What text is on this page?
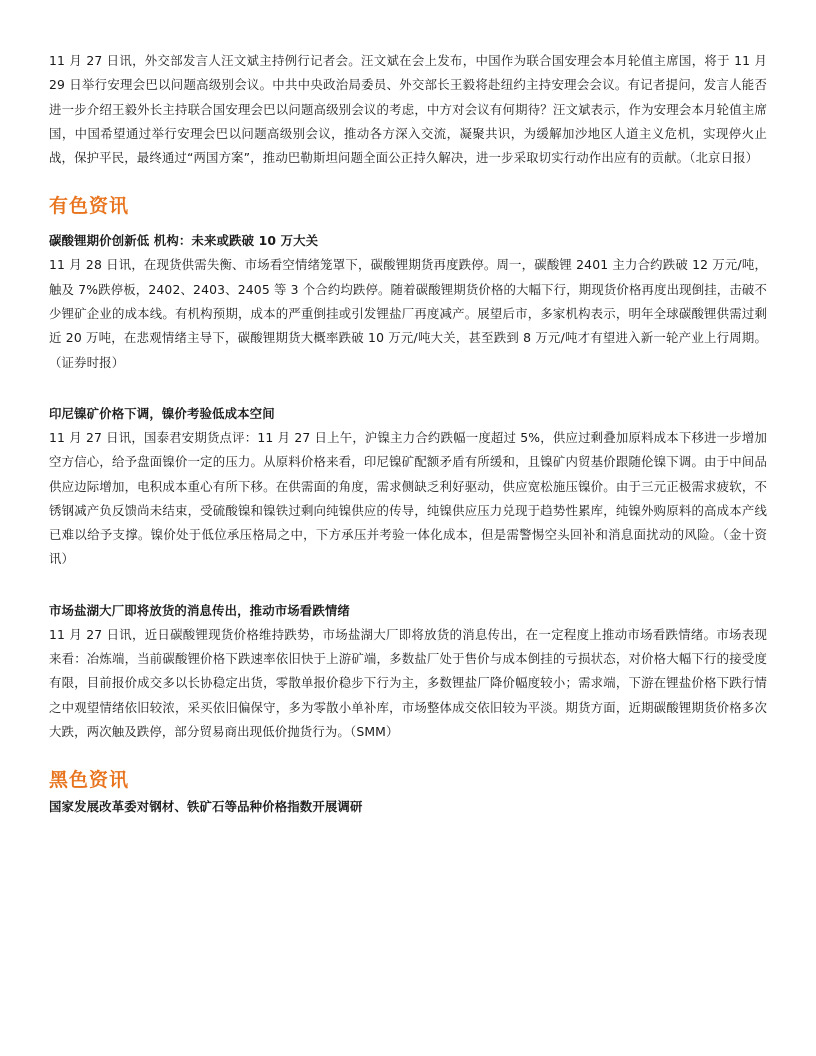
11 月 27 日讯，外交部发言人汪文斌主持例行记者会。汪文斌在会上发布，中国作为联合国安理会本月轮值主席国，将于 11 月 29 日举行安理会巴以问题高级别会议。中共中央政治局委员、外交部长王毅将赴纽约主持安理会会议。有记者提问，发言人能否进一步介绍王毅外长主持联合国安理会巴以问题高级别会议的考虑，中方对会议有何期待？汪文斌表示，作为安理会本月轮值主席国，中国希望通过举行安理会巴以问题高级别会议，推动各方深入交流，凝聚共识，为缓解加沙地区人道主义危机，实现停火止战，保护平民，最终通过“两国方案”，推动巴勒斯坦问题全面公正持久解决，进一步采取切实行动作出应有的贡献。（北京日报）

有色资讯
碳酸锂期价创新低 机构：未来或跌破 10 万大关

11 月 28 日讯，在现货供需失衡、市场看空情绪笼罩下，碳酸锂期货再度跌停。周一，碳酸锂 2401 主力合约跌破 12 万元/吨，触及 7%跌停板，2402、2403、2405 等 3 个合约均跌停。随着碳酸锂期货价格的大幅下行，期现货价格再度出现倒挂，击破不少锂矿企业的成本线。有机构预期，成本的严重倒挂或引发锂盐厂再度减产。展望后市，多家机构表示，明年全球碳酸锂供需过剩近 20 万吨，在悲观情绪主导下，碳酸锂期货大概率跌破 10 万元/吨大关，甚至跌到 8 万元/吨才有望进入新一轮产业上行周期。（证券时报）

印尼镍矿价格下调，镍价考验低成本空间

11 月 27 日讯，国泰君安期货点评：11 月 27 日上午，沪镍主力合约跌幅一度超过 5%，供应过剩叠加原料成本下移进一步增加空方信心，给予盘面镍价一定的压力。从原料价格来看，印尼镍矿配额矛盾有所缓和，且镍矿内贸基价跟随伦镍下调。由于中间品供应边际增加，电积成本重心有所下移。在供需面的角度，需求侧缺乏利好驱动，供应宽松施压镍价。由于三元正极需求疲软，不锈钢减产负反馈尚未结束，受硫酸镍和镍铁过剩向纯镍供应的传导，纯镍供应压力兑现于趋势性累库，纯镍外购原料的高成本产线已难以给予支撑。镍价处于低位承压格局之中，下方承压并考验一体化成本，但是需警惕空头回补和消息面扰动的风险。（金十资讯）

市场盐湖大厂即将放货的消息传出，推动市场看跌情绪

11 月 27 日讯，近日碳酸锂现货价格维持跌势，市场盐湖大厂即将放货的消息传出，在一定程度上推动市场看跌情绪。市场表现来看：冶炼端，当前碳酸锂价格下跌速率依旧快于上游矿端，多数盐厂处于售价与成本倒挂的亏损状态，对价格大幅下行的接受度有限，目前报价成交多以长协稳定出货，零散单报价稳步下行为主，多数锂盐厂降价幅度较小；需求端，下游在锂盐价格下跌行情之中观望情绪依旧较浓，采买依旧偏保守，多为零散小单补库，市场整体成交依旧较为平淡。期货方面，近期碳酸锂期货价格多次大跌，两次触及跌停，部分贸易商出现低价抛货行为。（SMM）

黑色资讯
国家发展改革委对钢材、铁矿石等品种价格指数开展调研
